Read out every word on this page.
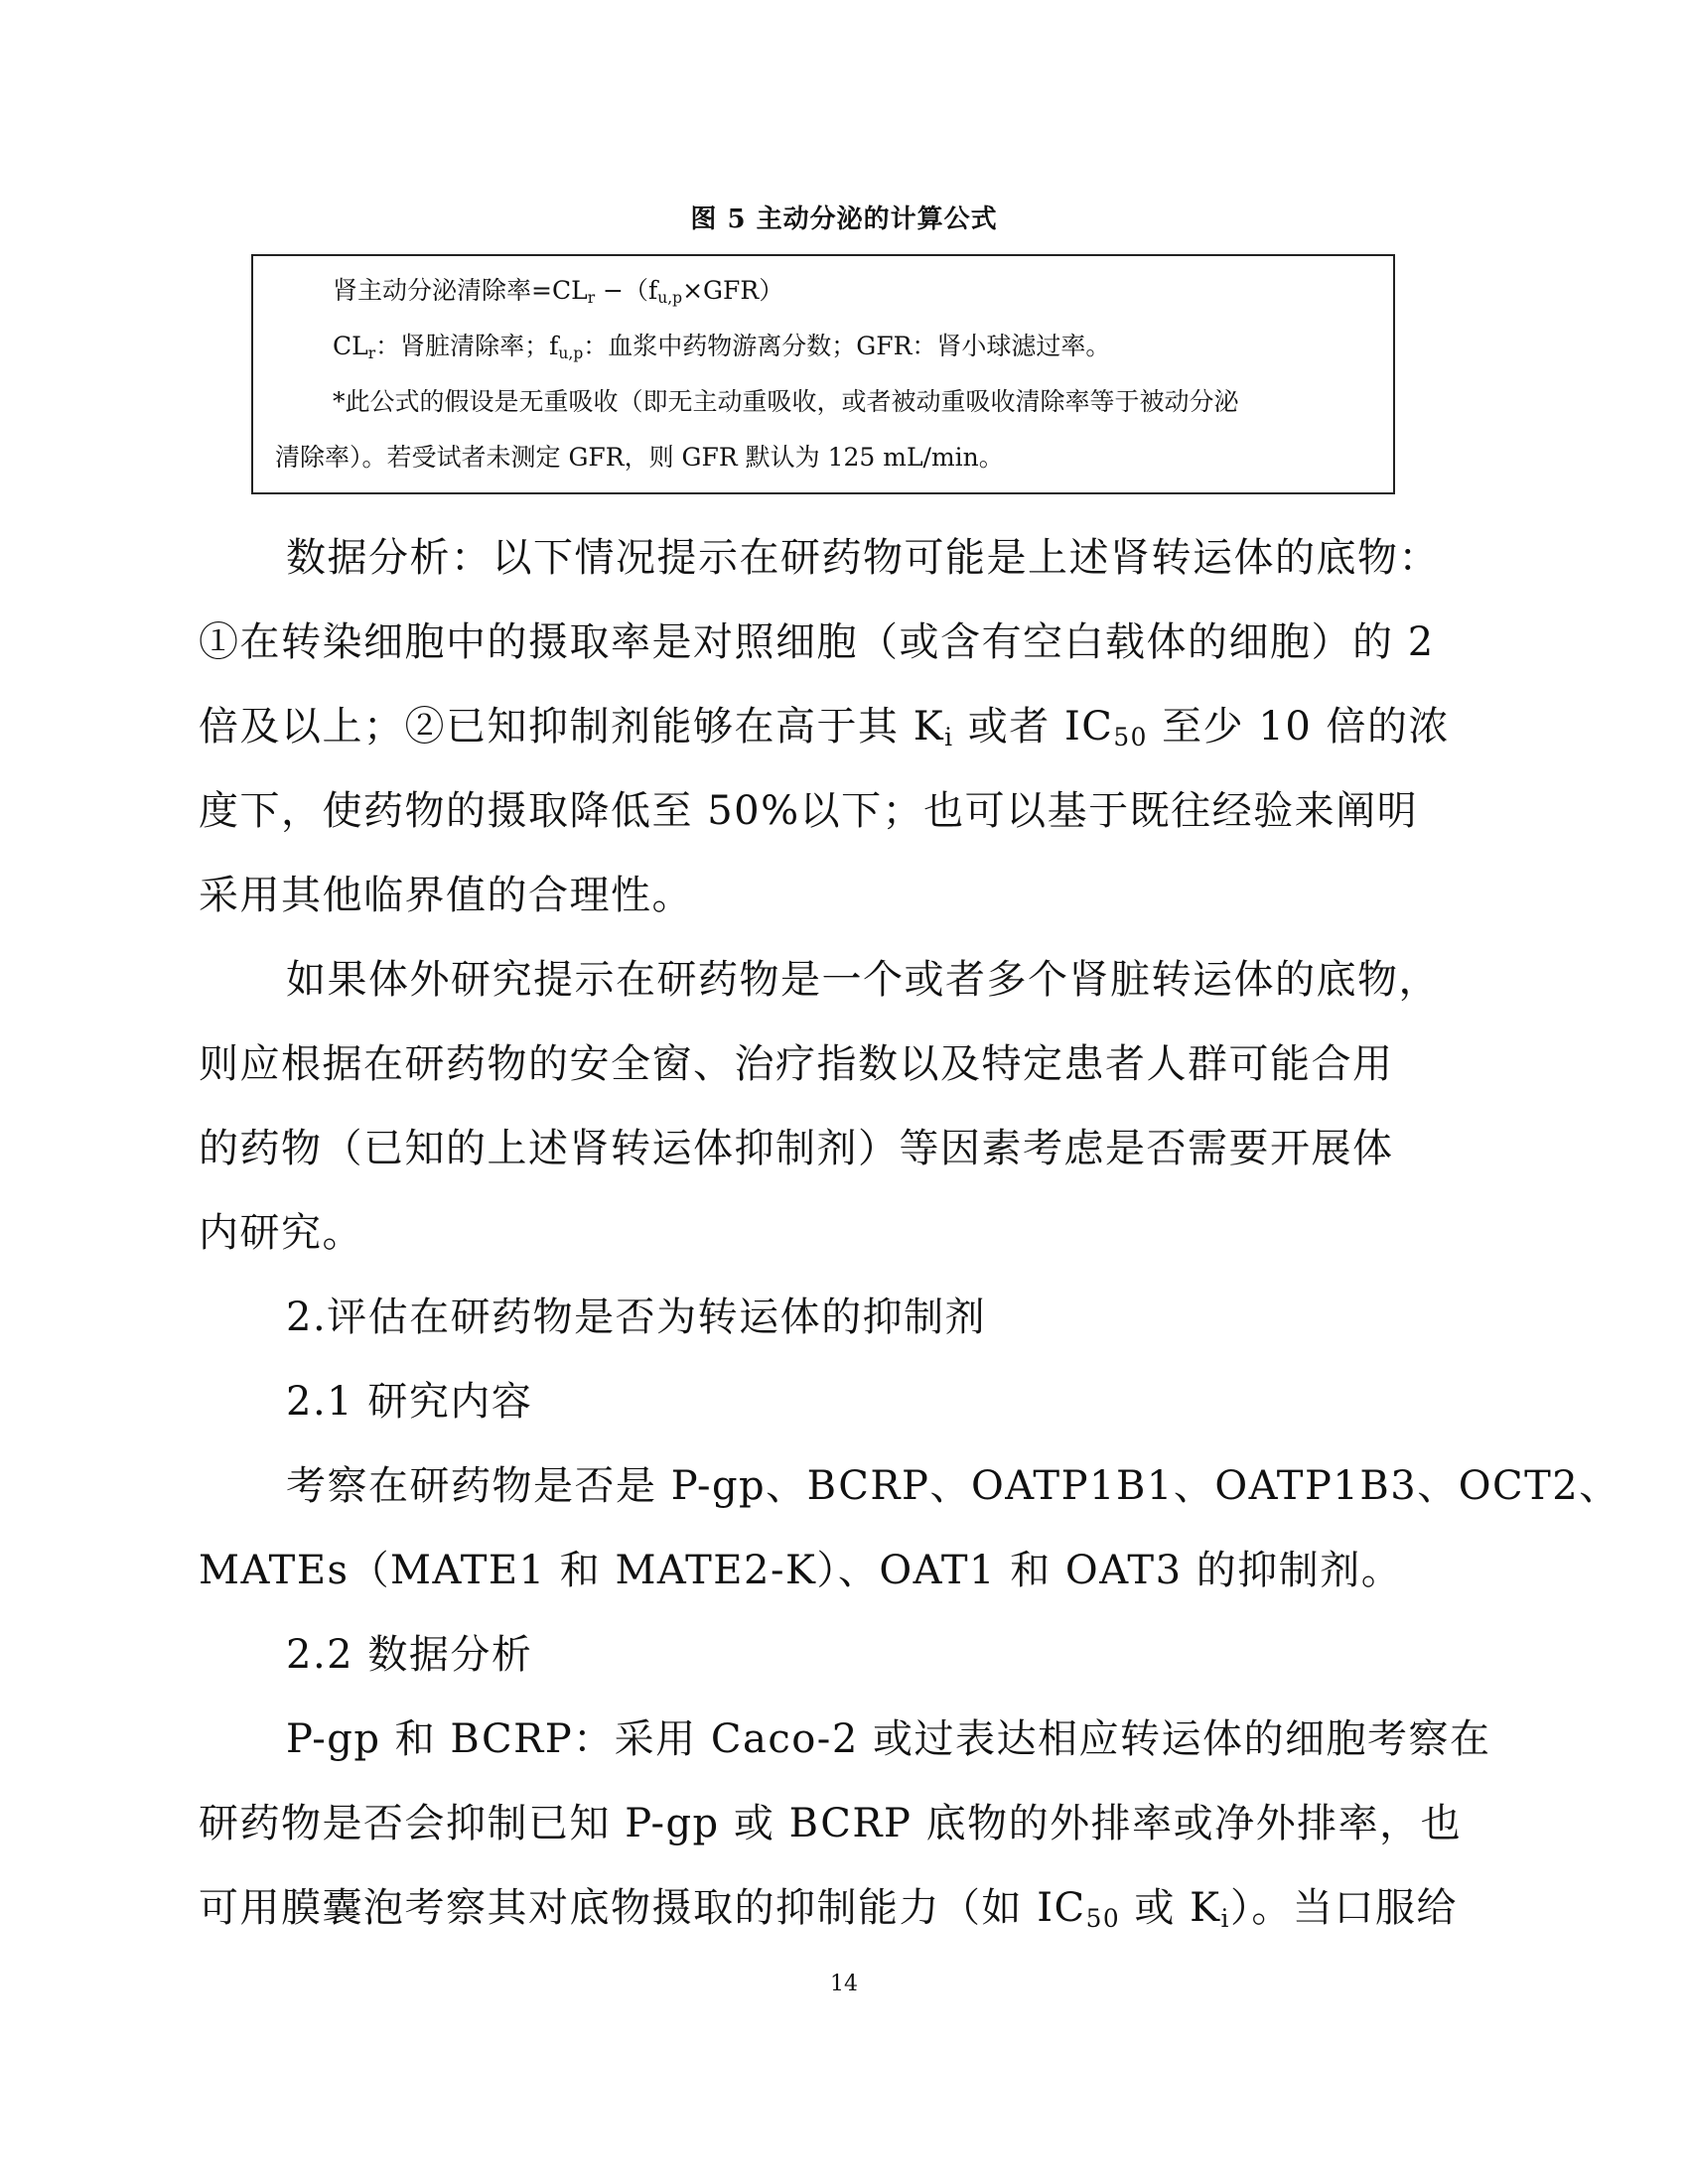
图 5 主动分泌的计算公式
肾主动分泌清除率$=CL_r -(f_{u,p}\times GFR)$
$CL_r$：肾脏清除率；$f_{u,p}$：血浆中药物游离分数；GFR：肾小球滤过率。
*此公式的假设是无重吸收（即无主动重吸收，或者被动重吸收清除率等于被动分泌
清除率）。若受试者未测定 GFR，则 GFR 默认为 125 mL/min。
数据分析：以下情况提示在研药物可能是上述肾转运体的底物：
①在转染细胞中的摄取率是对照细胞（或含有空白载体的细胞）的 2
倍及以上；②已知抑制剂能够在高于其 $K_i$ 或者 $IC_{50}$ 至少 10 倍的浓
度下，使药物的摄取降低至 50%以下；也可以基于既往经验来阐明
采用其他临界值的合理性。
如果体外研究提示在研药物是一个或者多个肾脏转运体的底物，
则应根据在研药物的安全窗、治疗指数以及特定患者人群可能合用
的药物（已知的上述肾转运体抑制剂）等因素考虑是否需要开展体
内研究。
2.评估在研药物是否为转运体的抑制剂
2.1 研究内容
考察在研药物是否是 P-gp、BCRP、OATP1B1、OATP1B3、OCT2、
MATEs（MATE1 和 MATE2-K）、OAT1 和 OAT3 的抑制剂。
2.2 数据分析
P-gp 和 BCRP：采用 Caco-2 或过表达相应转运体的细胞考察在
研药物是否会抑制已知 P-gp 或 BCRP 底物的外排率或净外排率，也
可用膜囊泡考察其对底物摄取的抑制能力（如 $IC_{50}$ 或 $K_i$）。当口服给
14
